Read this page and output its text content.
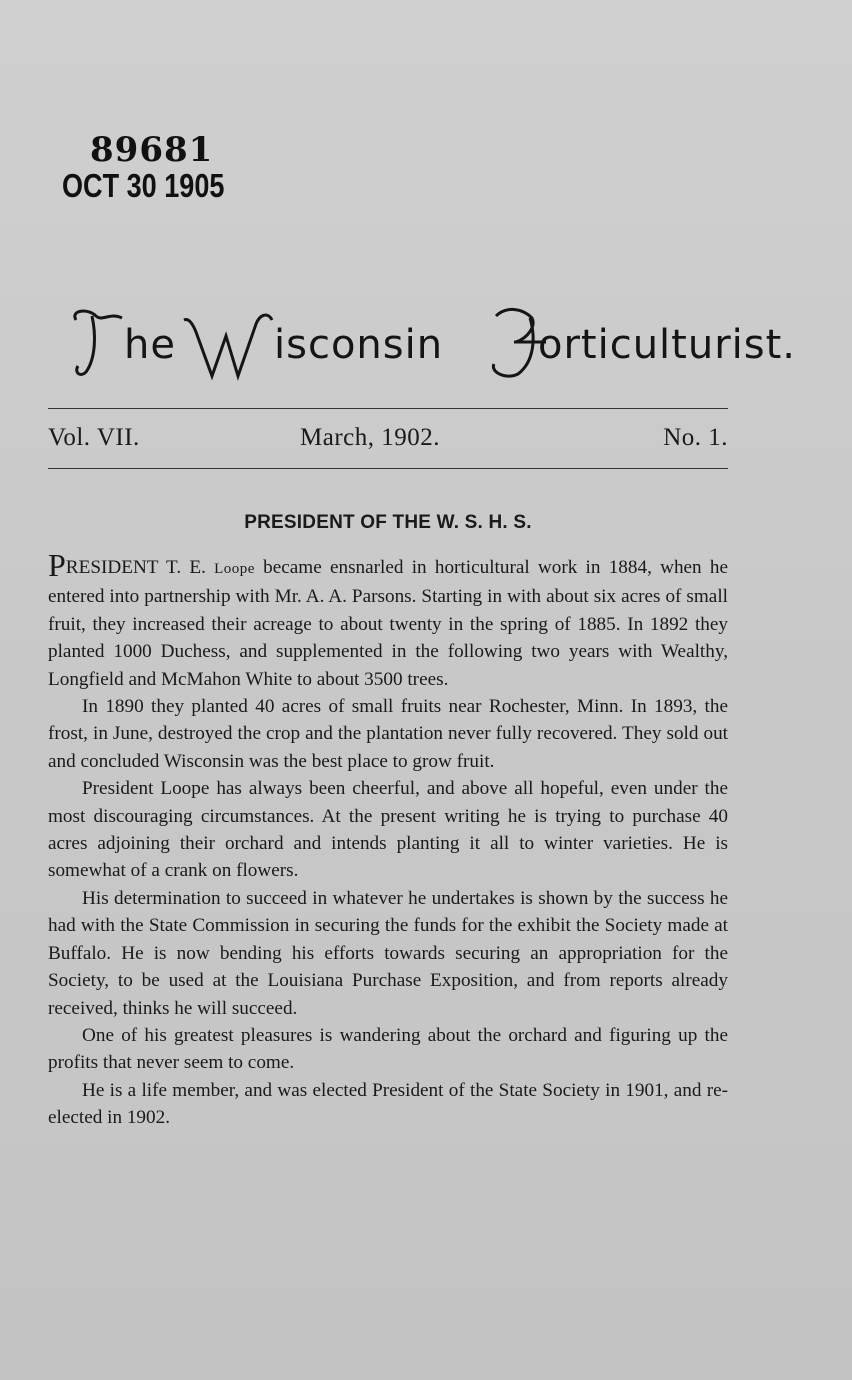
89681
OCT 30 1905
he isconsin orticulturist.
Vol. VII.	March, 1902.	No. 1.
PRESIDENT OF THE W. S. H. S.

PRESIDENT T. E. Loope became ensnarled in horticultural work in 1884, when he entered into partnership with Mr. A. A. Parsons. Starting in with about six acres of small fruit, they increased their acreage to about twenty in the spring of 1885. In 1892 they planted 1000 Duchess, and supplemented in the following two years with Wealthy, Longfield and McMahon White to about 3500 trees.

In 1890 they planted 40 acres of small fruits near Rochester, Minn. In 1893, the frost, in June, destroyed the crop and the plantation never fully recovered. They sold out and concluded Wisconsin was the best place to grow fruit.

President Loope has always been cheerful, and above all hopeful, even under the most discouraging circumstances. At the present writing he is trying to purchase 40 acres adjoining their orchard and intends planting it all to winter varieties. He is somewhat of a crank on flowers.

His determination to succeed in whatever he undertakes is shown by the success he had with the State Commission in securing the funds for the exhibit the Society made at Buffalo. He is now bending his efforts towards securing an appropriation for the Society, to be used at the Louisiana Purchase Exposition, and from reports already received, thinks he will succeed.

One of his greatest pleasures is wandering about the orchard and figuring up the profits that never seem to come.

He is a life member, and was elected President of the State Society in 1901, and re-elected in 1902.
